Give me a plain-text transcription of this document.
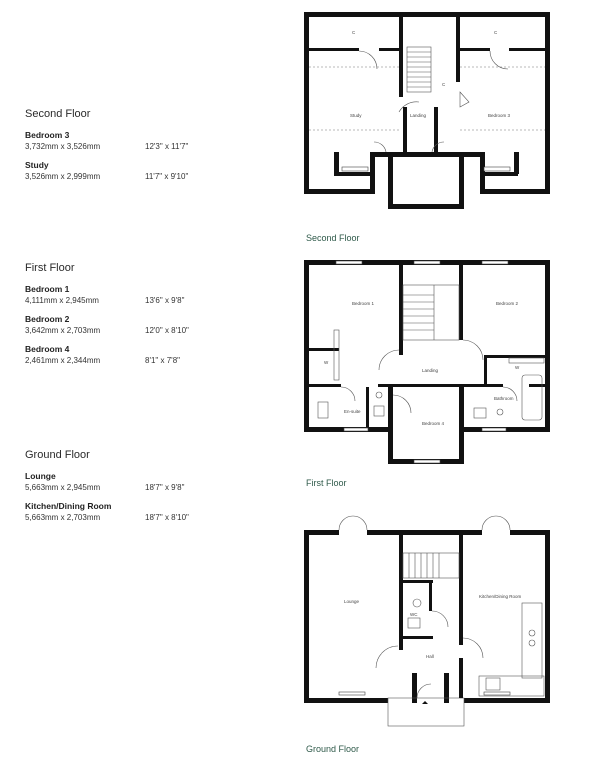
Second Floor
Bedroom 3
3,732mm x 3,526mm	12'3" x 11'7"
Study
3,526mm x 2,999mm	11'7" x 9'10"
First Floor
Bedroom 1
4,111mm x 2,945mm	13'6" x 9'8"
Bedroom 2
3,642mm x 2,703mm	12'0" x 8'10"
Bedroom 4
2,461mm x 2,344mm	8'1" x 7'8"
Ground Floor
Lounge
5,663mm x 2,945mm	18'7" x 9'8"
Kitchen/Dining Room
5,663mm x 2,703mm	18'7" x 8'10"
C	C
C
Study	Landing	Bedroom 3
Second Floor
Bedroom 1	Bedroom 2
Landing
En-suite
Bedroom 4
Bathroom
W
W
First Floor
Lounge
Kitchen/Dining Room
WC
Hall
Ground Floor
